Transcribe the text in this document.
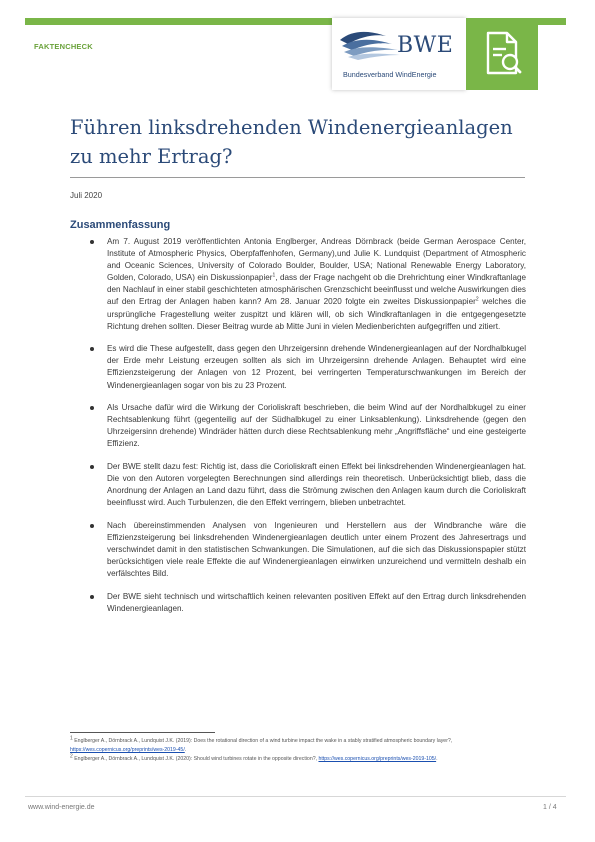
FAKTENCHECK	BWE
Bundesverband WindEnergie
Führen linksdrehenden Windenergieanlagen zu mehr Ertrag?
Juli 2020
Zusammenfassung
Am 7. August 2019 veröffentlichten Antonia Englberger, Andreas Dörnbrack (beide German Aerospace Center, Institute of Atmospheric Physics, Oberpfaffenhofen, Germany),und Julie K. Lundquist (Department of Atmospheric and Oceanic Sciences, University of Colorado Boulder, Boulder, USA; National Renewable Energy Laboratory, Golden, Colorado, USA) ein Diskussionpapier$^1$, dass der Frage nachgeht ob die Drehrichtung einer Windkraftanlage den Nachlauf in einer stabil geschichteten atmosphärischen Grenzschicht beeinflusst und welche Auswirkungen dies auf den Ertrag der Anlagen haben kann? Am 28. Januar 2020 folgte ein zweites Diskussionpapier$^2$ welches die ursprüngliche Fragestellung weiter zuspitzt und klären will, ob sich Windkraftanlagen in die entgegengesetzte Richtung drehen sollten. Dieser Beitrag wurde ab Mitte Juni in vielen Medienberichten aufgegriffen und zitiert.
Es wird die These aufgestellt, dass gegen den Uhrzeigersinn drehende Windenergieanlagen auf der Nordhalbkugel der Erde mehr Leistung erzeugen sollten als sich im Uhrzeigersinn drehende Anlagen. Behauptet wird eine Effizienzsteigerung der Anlagen von 12 Prozent, bei verringerten Temperaturschwankungen im Bereich der Windenergieanlagen sogar von bis zu 23 Prozent.
Als Ursache dafür wird die Wirkung der Corioliskraft beschrieben, die beim Wind auf der Nordhalbkugel zu einer Rechtsablenkung führt (gegenteilig auf der Südhalbkugel zu einer Linksablenkung). Linksdrehende (gegen den Uhrzeigersinn drehende) Windräder hätten durch diese Rechtsablenkung mehr „Angriffsfläche“ und eine gesteigerte Effizienz.
Der BWE stellt dazu fest: Richtig ist, dass die Corioliskraft einen Effekt bei linksdrehenden Windenergieanlagen hat. Die von den Autoren vorgelegten Berechnungen sind allerdings rein theoretisch. Unberücksichtigt blieb, dass die Anordnung der Anlagen an Land dazu führt, dass die Strömung zwischen den Anlagen kaum durch die Corioliskraft beeinflusst wird. Auch Turbulenzen, die den Effekt verringern, blieben unbetrachtet.
Nach übereinstimmenden Analysen von Ingenieuren und Herstellern aus der Windbranche wäre die Effizienzsteigerung bei linksdrehenden Windenergieanlagen deutlich unter einem Prozent des Jahresertrags und verschwindet damit in den statistischen Schwankungen. Die Simulationen, auf die sich das Diskussionspapier stützt berücksichtigen viele reale Effekte die auf Windenergieanlagen einwirken unzureichend und vermitteln deshalb ein verfälschtes Bild.
Der BWE sieht technisch und wirtschaftlich keinen relevanten positiven Effekt auf den Ertrag durch linksdrehenden Windenergieanlagen.

$^1$ Englberger A., Dörnbrack A., Lundquist J.K. (2019): Does the rotational direction of a wind turbine impact the wake in a stably stratified atmospheric boundary layer?, https://wes.copernicus.org/preprints/wes-2019-45/.

$^2$ Englberger A., Dörnbrack A., Lundquist J.K. (2020): Should wind turbines rotate in the opposite direction?, https://wes.copernicus.org/preprints/wes-2019-105/.

www.wind-energie.de	1 / 4
